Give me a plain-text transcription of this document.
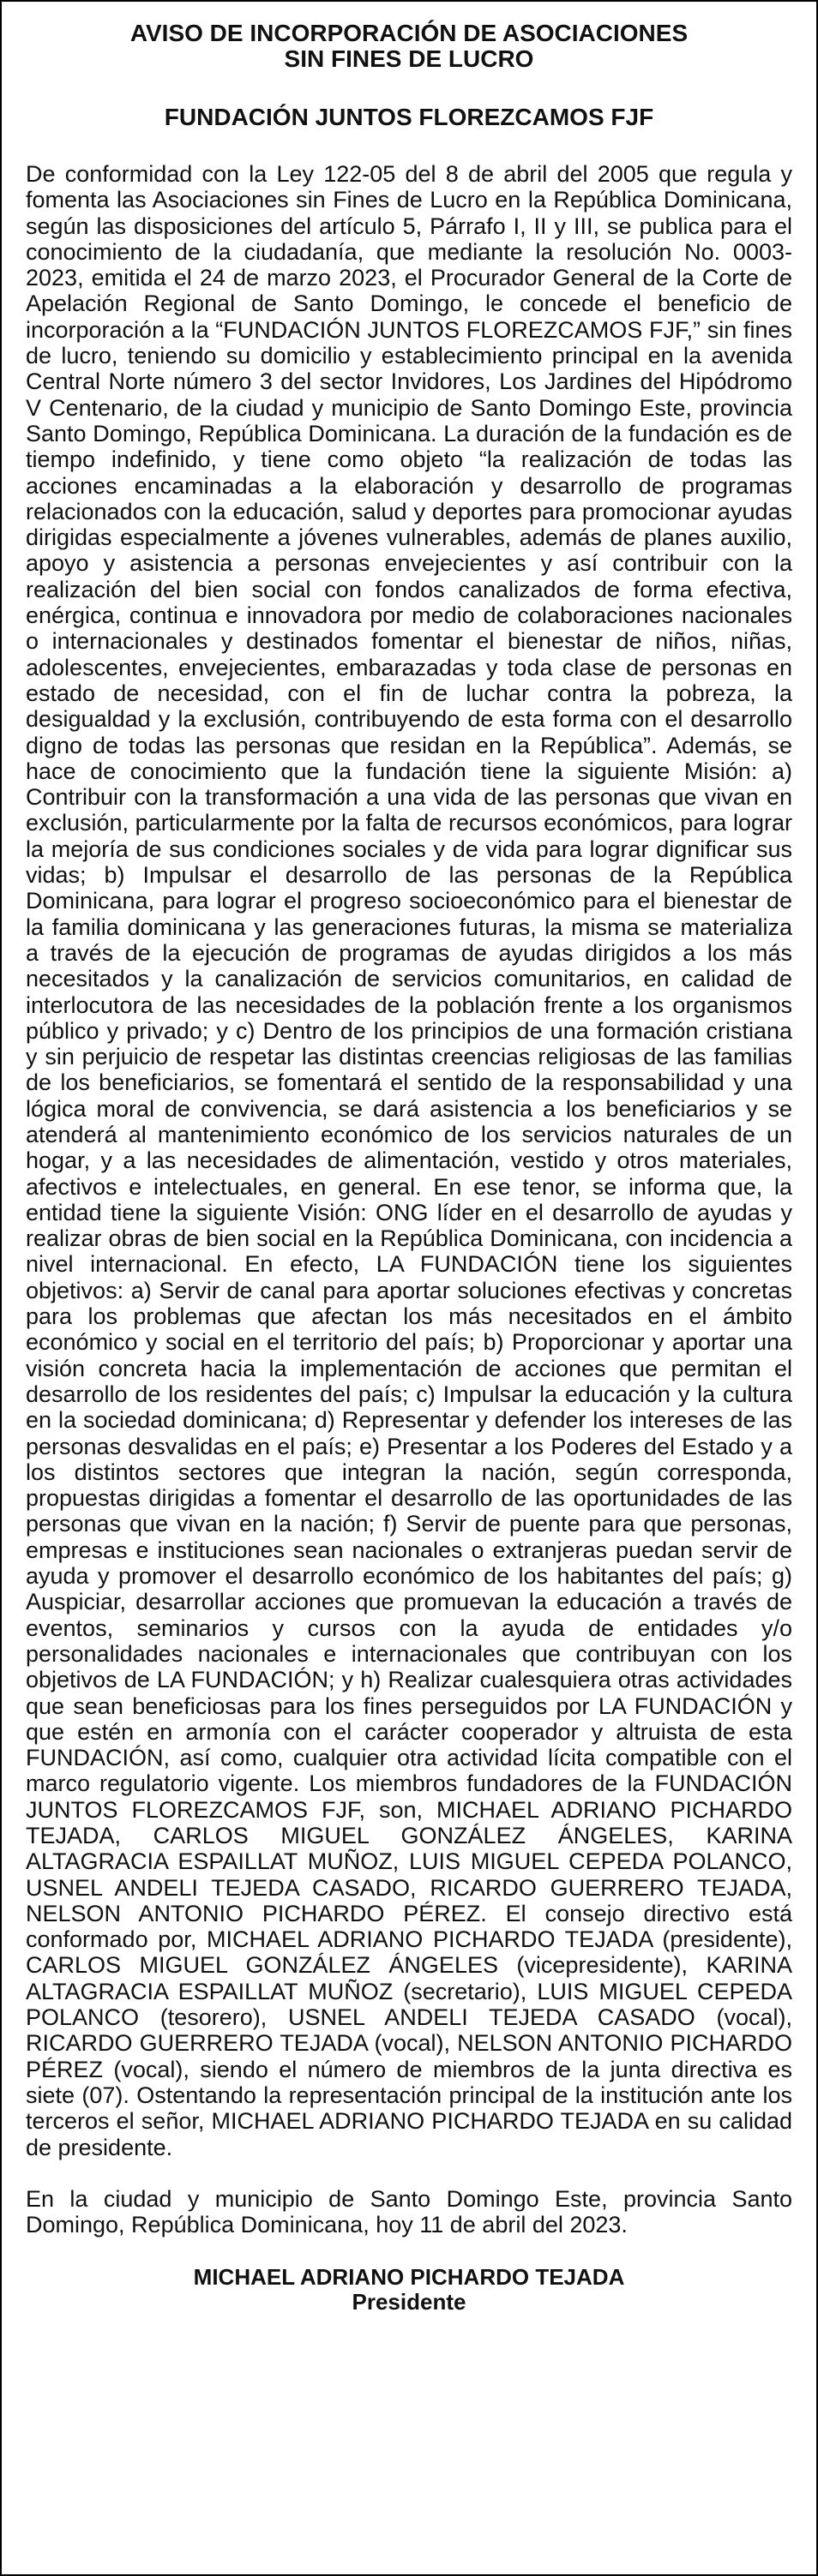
AVISO DE INCORPORACIÓN DE ASOCIACIONES
SIN FINES DE LUCRO
FUNDACIÓN JUNTOS FLOREZCAMOS FJF

De conformidad con la Ley 122-05 del 8 de abril del 2005 que regula y fomenta las Asociaciones sin Fines de Lucro en la República Dominicana, según las disposiciones del artículo 5, Párrafo I, II y III, se publica para el conocimiento de la ciudadanía, que mediante la resolución No. 0003-2023, emitida el 24 de marzo 2023, el Procurador General de la Corte de Apelación Regional de Santo Domingo, le concede el beneficio de incorporación a la “FUNDACIÓN JUNTOS FLOREZCAMOS FJF,” sin fines de lucro, teniendo su domicilio y establecimiento principal en la avenida Central Norte número 3 del sector Invidores, Los Jardines del Hipódromo V Centenario, de la ciudad y municipio de Santo Domingo Este, provincia Santo Domingo, República Dominicana. La duración de la fundación es de tiempo indefinido, y tiene como objeto “la realización de todas las acciones encaminadas a la elaboración y desarrollo de programas relacionados con la educación, salud y deportes para promocionar ayudas dirigidas especialmente a jóvenes vulnerables, además de planes auxilio, apoyo y asistencia a personas envejecientes y así contribuir con la realización del bien social con fondos canalizados de forma efectiva, enérgica, continua e innovadora por medio de colaboraciones nacionales o internacionales y destinados fomentar el bienestar de niños, niñas, adolescentes, envejecientes, embarazadas y toda clase de personas en estado de necesidad, con el fin de luchar contra la pobreza, la desigualdad y la exclusión, contribuyendo de esta forma con el desarrollo digno de todas las personas que residan en la República”. Además, se hace de conocimiento que la fundación tiene la siguiente Misión: a) Contribuir con la transformación a una vida de las personas que vivan en exclusión, particularmente por la falta de recursos económicos, para lograr la mejoría de sus condiciones sociales y de vida para lograr dignificar sus vidas; b) Impulsar el desarrollo de las personas de la República Dominicana, para lograr el progreso socioeconómico para el bienestar de la familia dominicana y las generaciones futuras, la misma se materializa a través de la ejecución de programas de ayudas dirigidos a los más necesitados y la canalización de servicios comunitarios, en calidad de interlocutora de las necesidades de la población frente a los organismos público y privado; y c) Dentro de los principios de una formación cristiana y sin perjuicio de respetar las distintas creencias religiosas de las familias de los beneficiarios, se fomentará el sentido de la responsabilidad y una lógica moral de convivencia, se dará asistencia a los beneficiarios y se atenderá al mantenimiento económico de los servicios naturales de un hogar, y a las necesidades de alimentación, vestido y otros materiales, afectivos e intelectuales, en general. En ese tenor, se informa que, la entidad tiene la siguiente Visión: ONG líder en el desarrollo de ayudas y realizar obras de bien social en la República Dominicana, con incidencia a nivel internacional. En efecto, LA FUNDACIÓN tiene los siguientes objetivos: a) Servir de canal para aportar soluciones efectivas y concretas para los problemas que afectan los más necesitados en el ámbito económico y social en el territorio del país; b) Proporcionar y aportar una visión concreta hacia la implementación de acciones que permitan el desarrollo de los residentes del país; c) Impulsar la educación y la cultura en la sociedad dominicana; d) Representar y defender los intereses de las personas desvalidas en el país; e) Presentar a los Poderes del Estado y a los distintos sectores que integran la nación, según corresponda, propuestas dirigidas a fomentar el desarrollo de las oportunidades de las personas que vivan en la nación; f) Servir de puente para que personas, empresas e instituciones sean nacionales o extranjeras puedan servir de ayuda y promover el desarrollo económico de los habitantes del país; g) Auspiciar, desarrollar acciones que promuevan la educación a través de eventos, seminarios y cursos con la ayuda de entidades y/o personalidades nacionales e internacionales que contribuyan con los objetivos de LA FUNDACIÓN; y h) Realizar cualesquiera otras actividades que sean beneficiosas para los fines perseguidos por LA FUNDACIÓN y que estén en armonía con el carácter cooperador y altruista de esta FUNDACIÓN, así como, cualquier otra actividad lícita compatible con el marco regulatorio vigente. Los miembros fundadores de la FUNDACIÓN JUNTOS FLOREZCAMOS FJF, son, MICHAEL ADRIANO PICHARDO TEJADA, CARLOS MIGUEL GONZÁLEZ ÁNGELES, KARINA ALTAGRACIA ESPAILLAT MUÑOZ, LUIS MIGUEL CEPEDA POLANCO, USNEL ANDELI TEJEDA CASADO, RICARDO GUERRERO TEJADA, NELSON ANTONIO PICHARDO PÉREZ. El consejo directivo está conformado por, MICHAEL ADRIANO PICHARDO TEJADA (presidente), CARLOS MIGUEL GONZÁLEZ ÁNGELES (vicepresidente), KARINA ALTAGRACIA ESPAILLAT MUÑOZ (secretario), LUIS MIGUEL CEPEDA POLANCO (tesorero), USNEL ANDELI TEJEDA CASADO (vocal), RICARDO GUERRERO TEJADA (vocal), NELSON ANTONIO PICHARDO PÉREZ (vocal), siendo el número de miembros de la junta directiva es siete (07). Ostentando la representación principal de la institución ante los terceros el señor, MICHAEL ADRIANO PICHARDO TEJADA en su calidad de presidente.

En la ciudad y municipio de Santo Domingo Este, provincia Santo Domingo, República Dominicana, hoy 11 de abril del 2023.

MICHAEL ADRIANO PICHARDO TEJADA
Presidente
